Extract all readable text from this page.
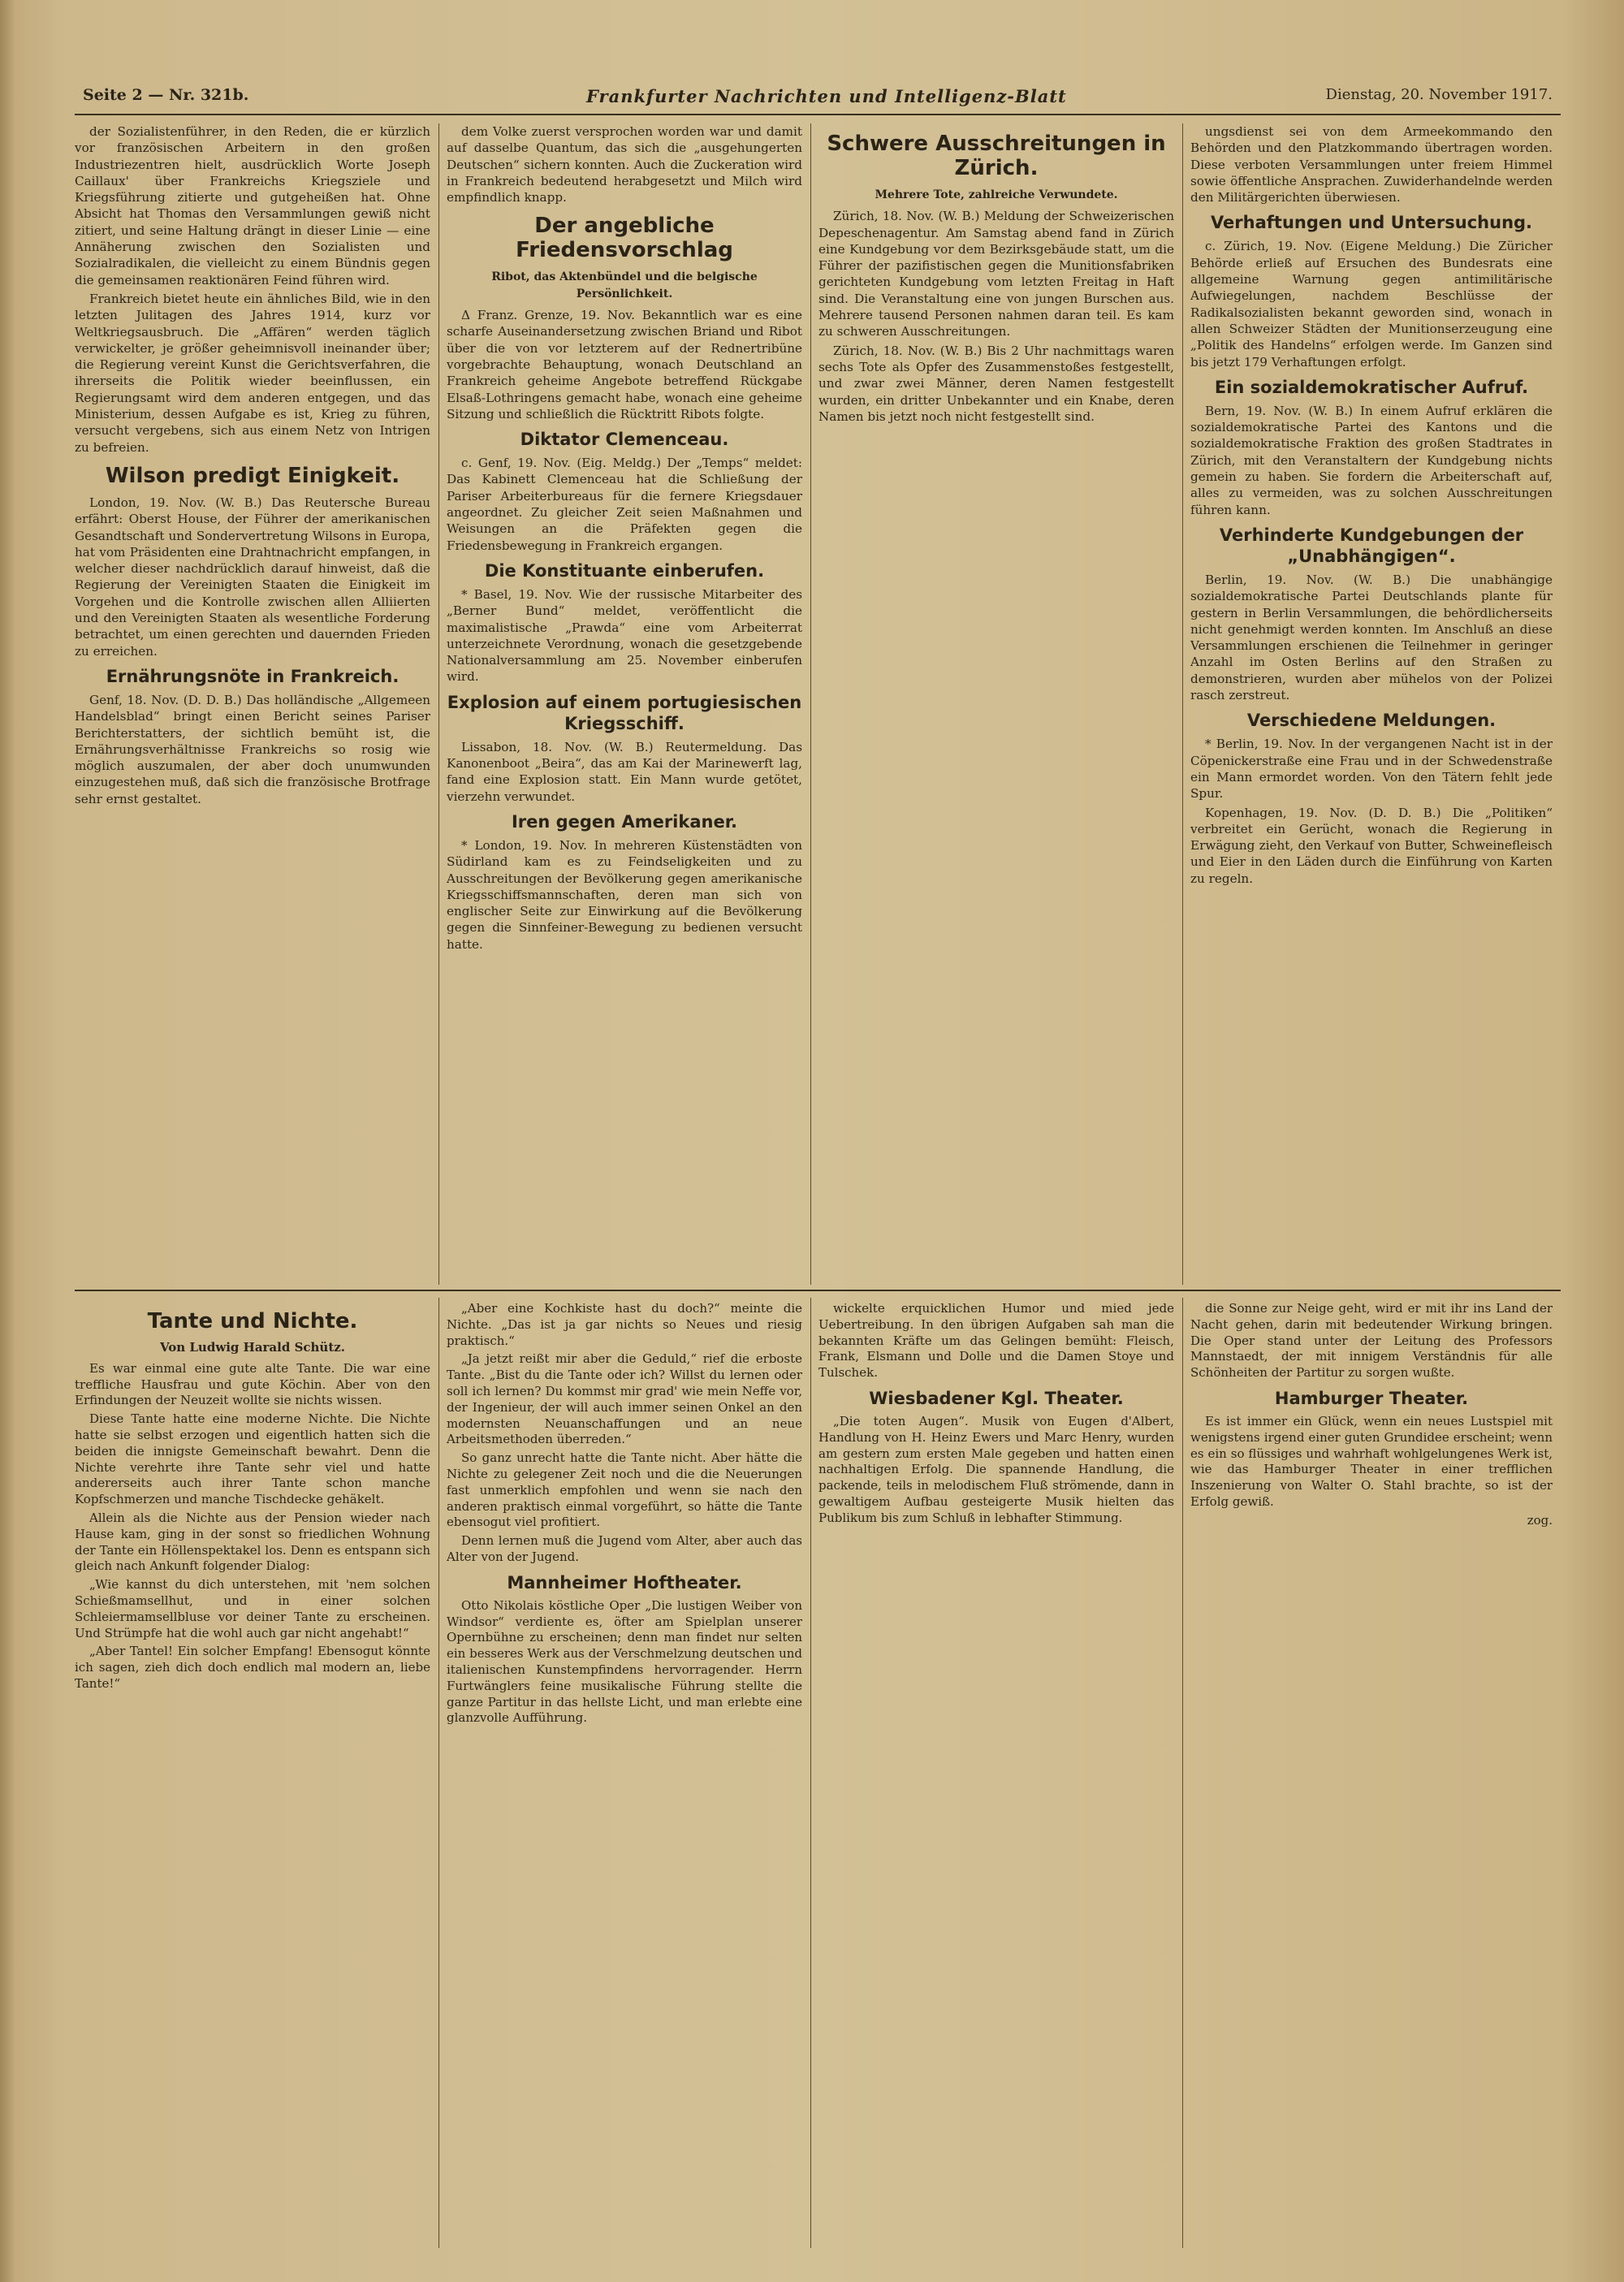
Seite 2 — Nr. 321b.	Frankfurter Nachrichten und Intelligenz-Blatt	Dienstag, 20. November 1917.

der Sozialistenführer, in den Reden, die er kürzlich vor französischen Arbeitern in den großen Industriezentren hielt, ausdrücklich Worte Joseph Caillaux' über Frankreichs Kriegsziele und Kriegsführung zitierte und gutgeheißen hat. Ohne Absicht hat Thomas den Versammlungen gewiß nicht zitiert, und seine Haltung drängt in dieser Linie — eine Annäherung zwischen den Sozialisten und Sozialradikalen, die vielleicht zu einem Bündnis gegen die gemeinsamen reaktionären Feind führen wird.

Frankreich bietet heute ein ähnliches Bild, wie in den letzten Julitagen des Jahres 1914, kurz vor Weltkriegsausbruch. Die „Affären“ werden täglich verwickelter, je größer geheimnisvoll ineinander über; die Regierung vereint Kunst die Gerichtsverfahren, die ihrerseits die Politik wieder beeinflussen, ein Regierungsamt wird dem anderen entgegen, und das Ministerium, dessen Aufgabe es ist, Krieg zu führen, versucht vergebens, sich aus einem Netz von Intrigen zu befreien.

Wilson predigt Einigkeit.

London, 19. Nov. (W. B.) Das Reutersche Bureau erfährt: Oberst House, der Führer der amerikanischen Gesandtschaft und Sondervertretung Wilsons in Europa, hat vom Präsidenten eine Drahtnachricht empfangen, in welcher dieser nachdrücklich darauf hinweist, daß die Regierung der Vereinigten Staaten die Einigkeit im Vorgehen und die Kontrolle zwischen allen Alliierten und den Vereinigten Staaten als wesentliche Forderung betrachtet, um einen gerechten und dauernden Frieden zu erreichen.

Ernährungsnöte in Frankreich.

Genf, 18. Nov. (D. D. B.) Das holländische „Allgemeen Handelsblad“ bringt einen Bericht seines Pariser Berichterstatters, der sichtlich bemüht ist, die Ernährungsverhältnisse Frankreichs so rosig wie möglich auszumalen, der aber doch unumwunden einzugestehen muß, daß sich die französische Brotfrage sehr ernst gestaltet.

dem Volke zuerst versprochen worden war und damit auf dasselbe Quantum, das sich die „ausgehungerten Deutschen“ sichern konnten. Auch die Zuckeration wird in Frankreich bedeutend herabgesetzt und Milch wird empfindlich knapp.

Der angebliche Friedensvorschlag
Ribot, das Aktenbündel und die belgische Persönlichkeit.

Δ Franz. Grenze, 19. Nov. Bekanntlich war es eine scharfe Auseinandersetzung zwischen Briand und Ribot über die von vor letzterem auf der Rednertribüne vorgebrachte Behauptung, wonach Deutschland an Frankreich geheime Angebote betreffend Rückgabe Elsaß-Lothringens gemacht habe, wonach eine geheime Sitzung und schließlich die Rücktritt Ribots folgte.

Diktator Clemenceau.

c. Genf, 19. Nov. (Eig. Meldg.) Der „Temps“ meldet: Das Kabinett Clemenceau hat die Schließung der Pariser Arbeiterbureaus für die fernere Kriegsdauer angeordnet. Zu gleicher Zeit seien Maßnahmen und Weisungen an die Präfekten gegen die Friedensbewegung in Frankreich ergangen.

Die Konstituante einberufen.

* Basel, 19. Nov. Wie der russische Mitarbeiter des „Berner Bund“ meldet, veröffentlicht die maximalistische „Prawda“ eine vom Arbeiterrat unterzeichnete Verordnung, wonach die gesetzgebende Nationalversammlung am 25. November einberufen wird.

Explosion auf einem portugiesischen Kriegsschiff.

Lissabon, 18. Nov. (W. B.) Reutermeldung. Das Kanonenboot „Beira“, das am Kai der Marinewerft lag, fand eine Explosion statt. Ein Mann wurde getötet, vierzehn verwundet.

Iren gegen Amerikaner.

* London, 19. Nov. In mehreren Küstenstädten von Südirland kam es zu Feindseligkeiten und zu Ausschreitungen der Bevölkerung gegen amerikanische Kriegsschiffsmannschaften, deren man sich von englischer Seite zur Einwirkung auf die Bevölkerung gegen die Sinnfeiner-Bewegung zu bedienen versucht hatte.

Schwere Ausschreitungen in Zürich.
Mehrere Tote, zahlreiche Verwundete.

Zürich, 18. Nov. (W. B.) Meldung der Schweizerischen Depeschenagentur. Am Samstag abend fand in Zürich eine Kundgebung vor dem Bezirksgebäude statt, um die Führer der pazifistischen gegen die Munitionsfabriken gerichteten Kundgebung vom letzten Freitag in Haft sind. Die Veranstaltung eine von jungen Burschen aus. Mehrere tausend Personen nahmen daran teil. Es kam zu schweren Ausschreitungen.

Zürich, 18. Nov. (W. B.) Bis 2 Uhr nachmittags waren sechs Tote als Opfer des Zusammenstoßes festgestellt, und zwar zwei Männer, deren Namen festgestellt wurden, ein dritter Unbekannter und ein Knabe, deren Namen bis jetzt noch nicht festgestellt sind.

ungsdienst sei von dem Armeekommando den Behörden und den Platzkommando übertragen worden. Diese verboten Versammlungen unter freiem Himmel sowie öffentliche Ansprachen. Zuwiderhandelnde werden den Militärgerichten überwiesen.

Verhaftungen und Untersuchung.

c. Zürich, 19. Nov. (Eigene Meldung.) Die Züricher Behörde erließ auf Ersuchen des Bundesrats eine allgemeine Warnung gegen antimilitärische Aufwiegelungen, nachdem Beschlüsse der Radikalsozialisten bekannt geworden sind, wonach in allen Schweizer Städten der Munitionserzeugung eine „Politik des Handelns“ erfolgen werde. Im Ganzen sind bis jetzt 179 Verhaftungen erfolgt.

Ein sozialdemokratischer Aufruf.

Bern, 19. Nov. (W. B.) In einem Aufruf erklären die sozialdemokratische Partei des Kantons und die sozialdemokratische Fraktion des großen Stadtrates in Zürich, mit den Veranstaltern der Kundgebung nichts gemein zu haben. Sie fordern die Arbeiterschaft auf, alles zu vermeiden, was zu solchen Ausschreitungen führen kann.

Verhinderte Kundgebungen der „Unabhängigen“.

Berlin, 19. Nov. (W. B.) Die unabhängige sozialdemokratische Partei Deutschlands plante für gestern in Berlin Versammlungen, die behördlicherseits nicht genehmigt werden konnten. Im Anschluß an diese Versammlungen erschienen die Teilnehmer in geringer Anzahl im Osten Berlins auf den Straßen zu demonstrieren, wurden aber mühelos von der Polizei rasch zerstreut.

Verschiedene Meldungen.

* Berlin, 19. Nov. In der vergangenen Nacht ist in der Cöpenickerstraße eine Frau und in der Schwedenstraße ein Mann ermordet worden. Von den Tätern fehlt jede Spur.

Kopenhagen, 19. Nov. (D. D. B.) Die „Politiken“ verbreitet ein Gerücht, wonach die Regierung in Erwägung zieht, den Verkauf von Butter, Schweinefleisch und Eier in den Läden durch die Einführung von Karten zu regeln.

Tante und Nichte.
Von Ludwig Harald Schütz.

Es war einmal eine gute alte Tante. Die war eine treffliche Hausfrau und gute Köchin. Aber von den Erfindungen der Neuzeit wollte sie nichts wissen.

Diese Tante hatte eine moderne Nichte. Die Nichte hatte sie selbst erzogen und eigentlich hatten sich die beiden die innigste Gemeinschaft bewahrt. Denn die Nichte verehrte ihre Tante sehr viel und hatte andererseits auch ihrer Tante schon manche Kopfschmerzen und manche Tischdecke gehäkelt.

Allein als die Nichte aus der Pension wieder nach Hause kam, ging in der sonst so friedlichen Wohnung der Tante ein Höllenspektakel los. Denn es entspann sich gleich nach Ankunft folgender Dialog:

„Wie kannst du dich unterstehen, mit 'nem solchen Schießmamsellhut, und in einer solchen Schleiermamsellbluse vor deiner Tante zu erscheinen. Und Strümpfe hat die wohl auch gar nicht angehabt!“

„Aber Tantel! Ein solcher Empfang! Ebensogut könnte ich sagen, zieh dich doch endlich mal modern an, liebe Tante!“

„Aber eine Kochkiste hast du doch?“ meinte die Nichte. „Das ist ja gar nichts so Neues und riesig praktisch.“

„Ja jetzt reißt mir aber die Geduld,“ rief die erboste Tante. „Bist du die Tante oder ich? Willst du lernen oder soll ich lernen? Du kommst mir grad' wie mein Neffe vor, der Ingenieur, der will auch immer seinen Onkel an den modernsten Neuanschaffungen und an neue Arbeitsmethoden überreden.“

So ganz unrecht hatte die Tante nicht. Aber hätte die Nichte zu gelegener Zeit noch und die die Neuerungen fast unmerklich empfohlen und wenn sie nach den anderen praktisch einmal vorgeführt, so hätte die Tante ebensogut viel profitiert.

Denn lernen muß die Jugend vom Alter, aber auch das Alter von der Jugend.

Mannheimer Hoftheater.

Otto Nikolais köstliche Oper „Die lustigen Weiber von Windsor“ verdiente es, öfter am Spielplan unserer Opernbühne zu erscheinen; denn man findet nur selten ein besseres Werk aus der Verschmelzung deutschen und italienischen Kunstempfindens hervorragender. Herrn Furtwänglers feine musikalische Führung stellte die ganze Partitur in das hellste Licht, und man erlebte eine glanzvolle Aufführung.

wickelte erquicklichen Humor und mied jede Uebertreibung. In den übrigen Aufgaben sah man die bekannten Kräfte um das Gelingen bemüht: Fleisch, Frank, Elsmann und Dolle und die Damen Stoye und Tulschek.

Wiesbadener Kgl. Theater.

„Die toten Augen“. Musik von Eugen d'Albert, Handlung von H. Heinz Ewers und Marc Henry, wurden am gestern zum ersten Male gegeben und hatten einen nachhaltigen Erfolg. Die spannende Handlung, die packende, teils in melodischem Fluß strömende, dann in gewaltigem Aufbau gesteigerte Musik hielten das Publikum bis zum Schluß in lebhafter Stimmung.

die Sonne zur Neige geht, wird er mit ihr ins Land der Nacht gehen, darin mit bedeutender Wirkung bringen. Die Oper stand unter der Leitung des Professors Mannstaedt, der mit innigem Verständnis für alle Schönheiten der Partitur zu sorgen wußte.

Hamburger Theater.

Es ist immer ein Glück, wenn ein neues Lustspiel mit wenigstens irgend einer guten Grundidee erscheint; wenn es ein so flüssiges und wahrhaft wohlgelungenes Werk ist, wie das Hamburger Theater in einer trefflichen Inszenierung von Walter O. Stahl brachte, so ist der Erfolg gewiß.

zog.
